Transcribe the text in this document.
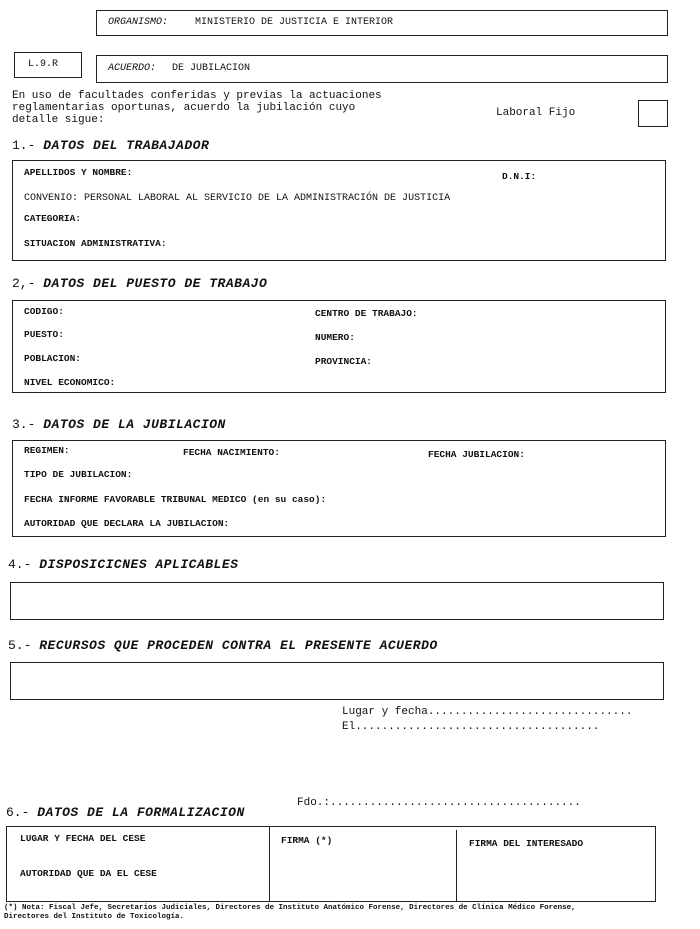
ORGANISMO:	MINISTERIO DE JUSTICIA E INTERIOR
L.9.R	ACUERDO: DE JUBILACION
En uso de facultades conferidas y previas la actuaciones
reglamentarias oportunas, acuerdo la jubilación cuyo
detalle sigue:
Laboral Fijo
1.- DATOS DEL TRABAJADOR
APELLIDOS Y NOMBRE:	D.N.I:
CONVENIO: PERSONAL LABORAL AL SERVICIO DE LA ADMINISTRACIÓN DE JUSTICIA
CATEGORIA:
SITUACION ADMINISTRATIVA:
2,- DATOS DEL PUESTO DE TRABAJO
CODIGO:	CENTRO DE TRABAJO:
PUESTO:	NUMERO:
POBLACION:	PROVINCIA:
NIVEL ECONOMICO:
3.- DATOS DE LA JUBILACION
REGIMEN:	FECHA NACIMIENTO:	FECHA JUBILACION:
TIPO DE JUBILACION:
FECHA INFORME FAVORABLE TRIBUNAL MEDICO (en su caso):
AUTORIDAD QUE DECLARA LA JUBILACION:
4.- DISPOSICICNES APLICABLES
5.- RECURSOS QUE PROCEDEN CONTRA EL PRESENTE ACUERDO
Lugar y fecha...............................
El.....................................
Fdo.:......................................
6.- DATOS DE LA FORMALIZACION
LUGAR Y FECHA DEL CESE
AUTORIDAD QUE DA EL CESE
FIRMA (*)	FIRMA DEL INTERESADO
(*) Nota: Fiscal Jefe, Secretarios Judiciales, Directores de Instituto Anatómico Forense, Directores de Clínica Médico Forense,
Directores del Instituto de Toxicología.
